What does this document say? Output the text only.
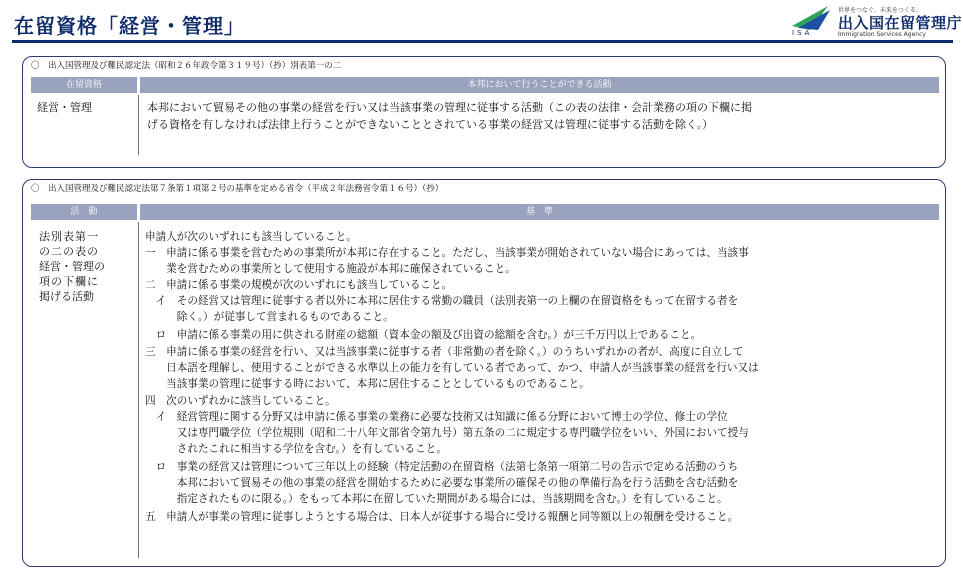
在留資格「経営・管理」	ISA
世界をつなぐ、未来をつくる。
出入国在留管理庁
Immigration Services Agency
〇　出入国管理及び難民認定法（昭和２６年政令第３１９号）（抄）別表第一の二
在留資格	本邦において行うことができる活動
経営・管理	本邦において貿易その他の事業の経営を行い又は当該事業の管理に従事する活動（この表の法律・会計業務の項の下欄に掲
げる資格を有しなければ法律上行うことができないこととされている事業の経営又は管理に従事する活動を除く。）
〇　出入国管理及び難民認定法第７条第１項第２号の基準を定める省令（平成２年法務省令第１６号）（抄）
活　動	基　準
法別表第一
の二の表の
経営・管理の
項の下欄に
掲げる活動
申請人が次のいずれにも該当していること。
一　申請に係る事業を営むための事業所が本邦に存在すること。ただし、当該事業が開始されていない場合にあっては、当該事
　　業を営むための事業所として使用する施設が本邦に確保されていること。
二　申請に係る事業の規模が次のいずれにも該当していること。
　イ　その経営又は管理に従事する者以外に本邦に居住する常勤の職員（法別表第一の上欄の在留資格をもって在留する者を
　　　除く。）が従事して営まれるものであること。
　ロ　申請に係る事業の用に供される財産の総額（資本金の額及び出資の総額を含む。）が三千万円以上であること。
三　申請に係る事業の経営を行い、又は当該事業に従事する者（非常勤の者を除く。）のうちいずれかの者が、高度に自立して
　　日本語を理解し、使用することができる水準以上の能力を有している者であって、かつ、申請人が当該事業の経営を行い又は
　　当該事業の管理に従事する時において、本邦に居住することとしているものであること。
四　次のいずれかに該当していること。
　イ　経営管理に関する分野又は申請に係る事業の業務に必要な技術又は知識に係る分野において博士の学位、修士の学位
　　　又は専門職学位（学位規則（昭和二十八年文部省令第九号）第五条の二に規定する専門職学位をいい、外国において授与
　　　されたこれに相当する学位を含む。）を有していること。
　ロ　事業の経営又は管理について三年以上の経験（特定活動の在留資格（法第七条第一項第二号の告示で定める活動のうち
　　　本邦において貿易その他の事業の経営を開始するために必要な事業所の確保その他の準備行為を行う活動を含む活動を
　　　指定されたものに限る。）をもって本邦に在留していた期間がある場合には、当該期間を含む。）を有していること。
五　申請人が事業の管理に従事しようとする場合は、日本人が従事する場合に受ける報酬と同等額以上の報酬を受けること。
